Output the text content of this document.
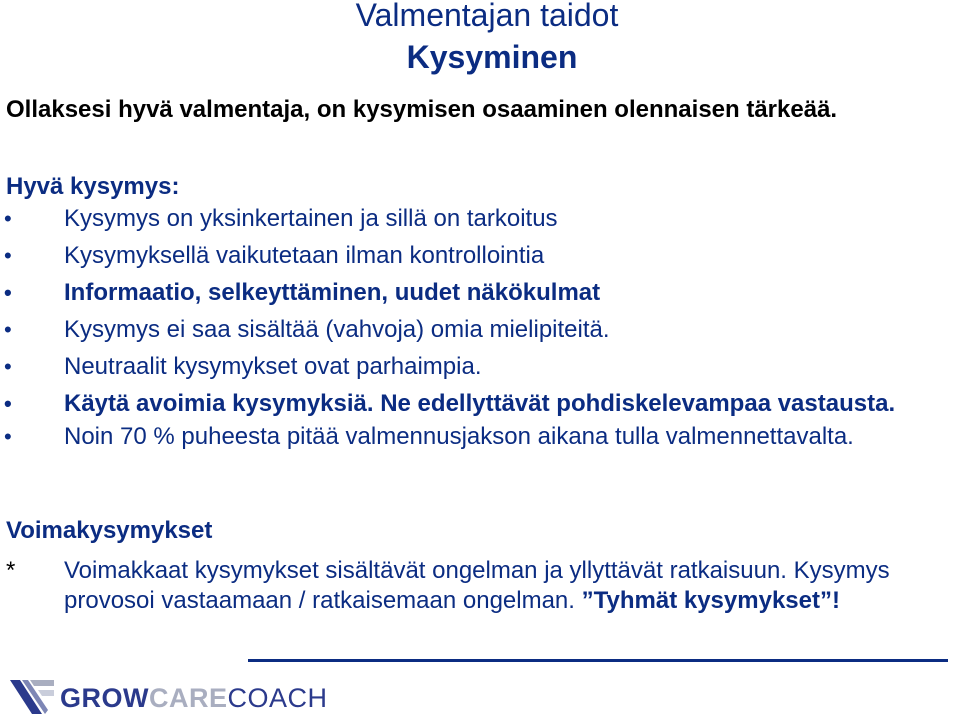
Valmentajan taidot
Kysyminen
Ollaksesi hyvä valmentaja, on kysymisen osaaminen olennaisen tärkeää.
Hyvä kysymys:
• Kysymys on yksinkertainen ja sillä on tarkoitus
• Kysymyksellä vaikutetaan ilman kontrollointia
• Informaatio, selkeyttäminen, uudet näkökulmat
• Kysymys ei saa sisältää (vahvoja) omia mielipiteitä.
• Neutraalit kysymykset ovat parhaimpia.
• Käytä avoimia kysymyksiä. Ne edellyttävät pohdiskelevampaa vastausta.
• Noin 70 % puheesta pitää valmennusjakson aikana tulla valmennettavalta.
Voimakysymykset
* Voimakkaat kysymykset sisältävät ongelman ja yllyttävät ratkaisuun. Kysymys provosoi vastaamaan / ratkaisemaan ongelman. ”Tyhmät kysymykset”!
GROWCARECOACH
